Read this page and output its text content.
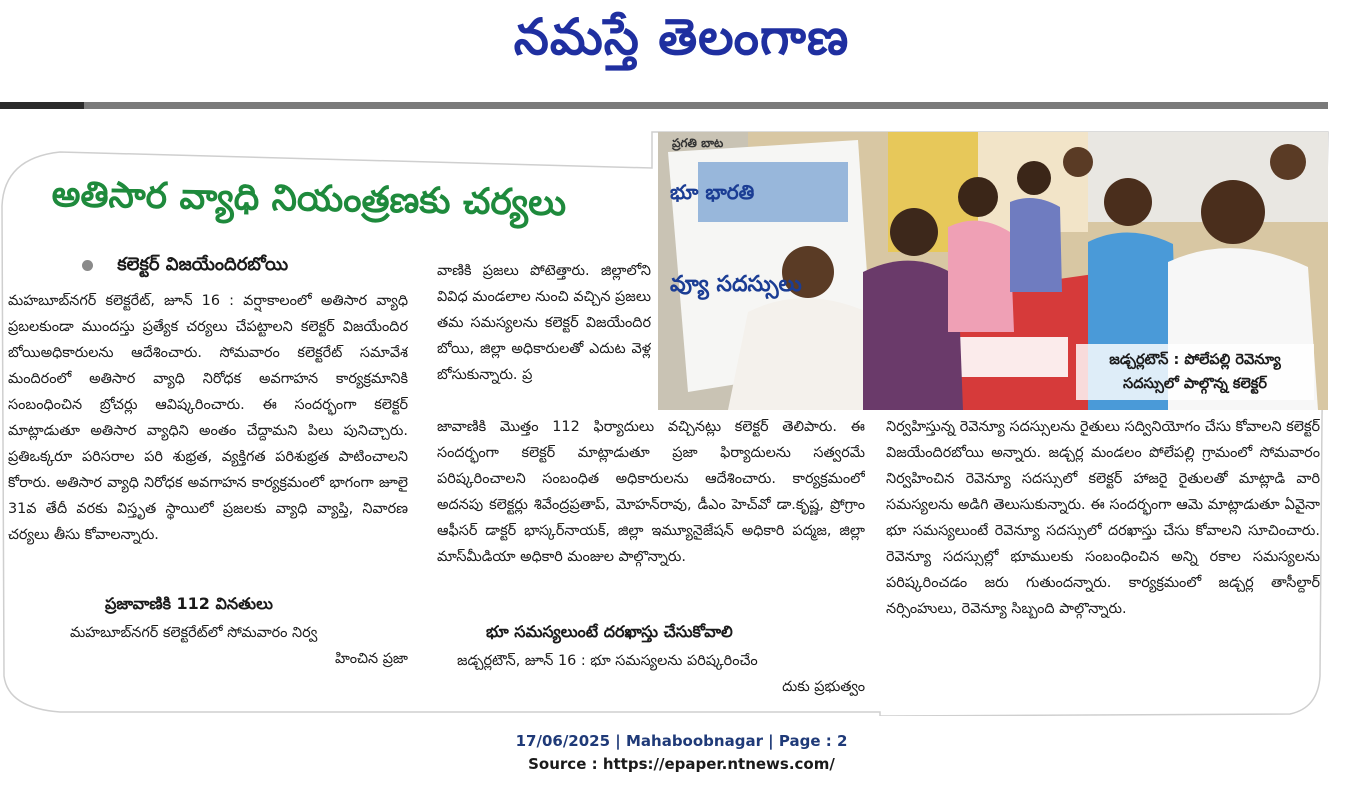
నమస్తే తెలంగాణ
అతిసార వ్యాధి నియంత్రణకు చర్యలు
కలెక్టర్ విజయేందిరబోయి
మహబూబ్‌నగర్ కలెక్టరేట్, జూన్ 16 : వర్షాకాలంలో అతిసార వ్యాధి ప్రబలకుండా ముందస్తు ప్రత్యేక చర్యలు చేపట్టాలని కలెక్టర్ విజయేందిర బోయిఅధికారులను ఆదేశించారు. సోమవారం కలెక్టరేట్ సమావేశ మందిరంలో అతిసార వ్యాధి నిరోధక అవగాహన కార్యక్రమానికి సంబంధించిన బ్రోచర్లు ఆవిష్కరించారు. ఈ సందర్భంగా కలెక్టర్ మాట్లాడుతూ అతిసార వ్యాధిని అంతం చేద్దామని పిలు పునిచ్చారు. ప్రతిఒక్కరూ పరిసరాల పరి శుభ్రత, వ్యక్తిగత పరిశుభ్రత పాటించాలని కోరారు. అతిసార వ్యాధి నిరోధక అవగాహన కార్యక్రమంలో భాగంగా జూలై 31వ తేదీ వరకు విస్తృత స్థాయిలో ప్రజలకు వ్యాధి వ్యాప్తి, నివారణ చర్యలు తీసు కోవాలన్నారు.
ప్రజావాణికి 112 వినతులు
మహబూబ్‌నగర్ కలెక్టరేట్‌లో సోమవారం నిర్వ
హించిన ప్రజా
వాణికి ప్రజలు పోటెత్తారు. జిల్లాలోని వివిధ మండలాల నుంచి వచ్చిన ప్రజలు తమ సమస్యలను కలెక్టర్ విజయేందిర బోయి, జిల్లా అధికారులతో ఎదుట వెళ్ల బోసుకున్నారు. ప్ర
జావాణికి మొత్తం 112 ఫిర్యాదులు వచ్చినట్లు కలెక్టర్ తెలిపారు. ఈ సందర్భంగా కలెక్టర్ మాట్లాడుతూ ప్రజా ఫిర్యాదులను సత్వరమే పరిష్కరించాలని సంబంధిత అధికారులను ఆదేశించారు. కార్యక్రమంలో అదనపు కలెక్టర్లు శివేంద్రప్రతాప్, మోహన్‌రావు, డీఎం హెచ్‌వో డా.కృష్ణ, ప్రోగ్రాం ఆఫీసర్ డాక్టర్ భాస్కర్‌నాయక్, జిల్లా ఇమ్యూనైజేషన్ అధికారి పద్మజ, జిల్లా మాస్‌మీడియా అధికారి మంజుల పాల్గొన్నారు.
భూ సమస్యలుంటే దరఖాస్తు చేసుకోవాలి
జడ్చర్లటౌన్, జూన్ 16 : భూ సమస్యలను పరిష్కరించేం
దుకు ప్రభుత్వం
నిర్వహిస్తున్న రెవెన్యూ సదస్సులను రైతులు సద్వినియోగం చేసు కోవాలని కలెక్టర్ విజయేందిరబోయి అన్నారు. జడ్చర్ల మండలం పోలేపల్లి గ్రామంలో సోమవారం నిర్వహించిన రెవెన్యూ సదస్సులో కలెక్టర్ హాజరై రైతులతో మాట్లాడి వారి సమస్యలను అడిగి తెలుసుకున్నారు. ఈ సందర్భంగా ఆమె మాట్లాడుతూ ఏవైనా భూ సమస్యలుంటే రెవెన్యూ సదస్సులో దరఖాస్తు చేసు కోవాలని సూచించారు. రెవెన్యూ సదస్సుల్లో భూములకు సంబంధించిన అన్ని రకాల సమస్యలను పరిష్కరించడం జరు గుతుందన్నారు. కార్యక్రమంలో జడ్చర్ల తాసీల్దార్ నర్సింహులు, రెవెన్యూ సిబ్బంది పాల్గొన్నారు.
భూ భారతి
వ్యూ సదస్సులు
ప్రగతి బాట
జడ్చర్లటౌన్ : పోలేపల్లి రెవెన్యూ సదస్సులో పాల్గొన్న కలెక్టర్
17/06/2025 | Mahaboobnagar | Page : 2
Source : https://epaper.ntnews.com/
